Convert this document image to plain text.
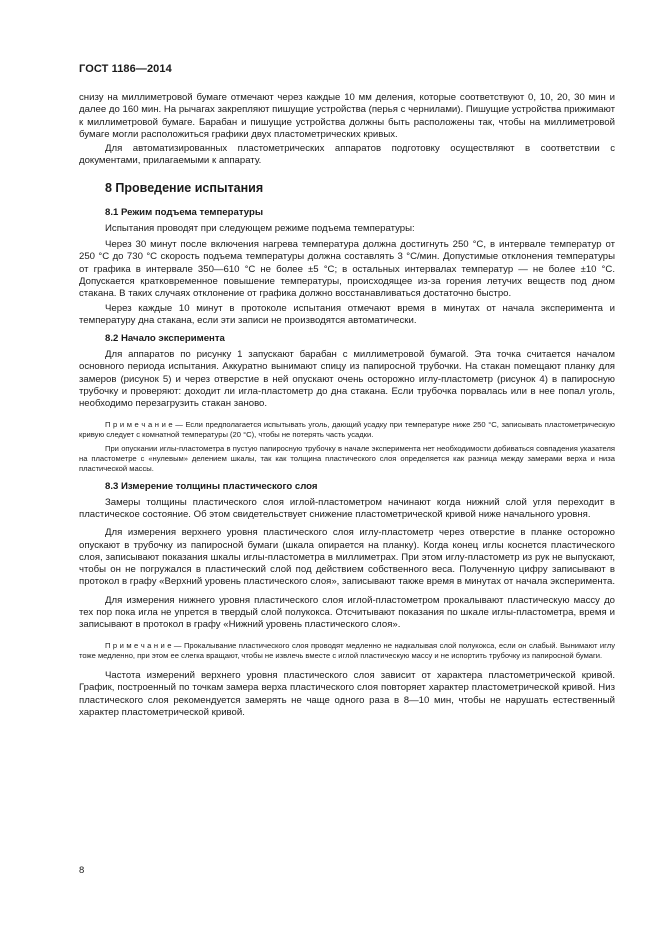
ГОСТ 1186—2014

снизу на миллиметровой бумаге отмечают через каждые 10 мм деления, которые соответствуют 0, 10, 20, 30 мин и далее до 160 мин. На рычагах закрепляют пишущие устройства (перья с чернилами). Пишущие устройства прижимают к миллиметровой бумаге. Барабан и пишущие устройства должны быть расположены так, чтобы на миллиметровой бумаге могли расположиться графики двух пластометрических кривых.

Для автоматизированных пластометрических аппаратов подготовку осуществляют в соответствии с документами, прилагаемыми к аппарату.

8 Проведение испытания
8.1 Режим подъема температуры

Испытания проводят при следующем режиме подъема температуры:

Через 30 минут после включения нагрева температура должна достигнуть 250 °С, в интервале температур от 250 °С до 730 °С скорость подъема температуры должна составлять 3 °С/мин. Допустимые отклонения температуры от графика в интервале 350—610 °С не более ±5 °С; в остальных интервалах температур — не более ±10 °С. Допускается кратковременное повышение температуры, происходящее из-за горения летучих веществ под дном стакана. В таких случаях отклонение от графика должно восстанавливаться достаточно быстро.

Через каждые 10 минут в протоколе испытания отмечают время в минутах от начала эксперимента и температуру дна стакана, если эти записи не производятся автоматически.

8.2 Начало эксперимента

Для аппаратов по рисунку 1 запускают барабан с миллиметровой бумагой. Эта точка считается началом основного периода испытания. Аккуратно вынимают спицу из папиросной трубочки. На стакан помещают планку для замеров (рисунок 5) и через отверстие в ней опускают очень осторожно иглу-пластометр (рисунок 4) в папиросную трубочку и проверяют: доходит ли игла-пластометр до дна стакана. Если трубочка порвалась или в нее попал уголь, необходимо перезагрузить стакан заново.

П р и м е ч а н и е — Если предполагается испытывать уголь, дающий усадку при температуре ниже 250 °С, записывать пластометрическую кривую следует с комнатной температуры (20 °С), чтобы не потерять часть усадки.

При опускании иглы-пластометра в пустую папиросную трубочку в начале эксперимента нет необходимости добиваться совпадения указателя на пластометре с «нулевым» делением шкалы, так как толщина пластического слоя определяется как разница между замерами верха и низа пластической массы.

8.3 Измерение толщины пластического слоя

Замеры толщины пластического слоя иглой-пластометром начинают когда нижний слой угля переходит в пластическое состояние. Об этом свидетельствует снижение пластометрической кривой ниже начального уровня.

Для измерения верхнего уровня пластического слоя иглу-пластометр через отверстие в планке осторожно опускают в трубочку из папиросной бумаги (шкала опирается на планку). Когда конец иглы коснется пластического слоя, записывают показания шкалы иглы-пластометра в миллиметрах. При этом иглу-пластометр из рук не выпускают, чтобы он не погружался в пластический слой под действием собственного веса. Полученную цифру записывают в протокол в графу «Верхний уровень пластического слоя», записывают также время в минутах от начала эксперимента.

Для измерения нижнего уровня пластического слоя иглой-пластометром прокалывают пластическую массу до тех пор пока игла не упрется в твердый слой полукокса. Отсчитывают показания по шкале иглы-пластометра, время и записывают в протокол в графу «Нижний уровень пластического слоя».

П р и м е ч а н и е — Прокалывание пластического слоя проводят медленно не надкалывая слой полукокса, если он слабый. Вынимают иглу тоже медленно, при этом ее слегка вращают, чтобы не извлечь вместе с иглой пластическую массу и не испортить трубочку из папиросной бумаги.

Частота измерений верхнего уровня пластического слоя зависит от характера пластометрической кривой. График, построенный по точкам замера верха пластического слоя повторяет характер пластометрической кривой. Низ пластического слоя рекомендуется замерять не чаще одного раза в 8—10 мин, чтобы не нарушать естественный характер пластометрической кривой.

8
